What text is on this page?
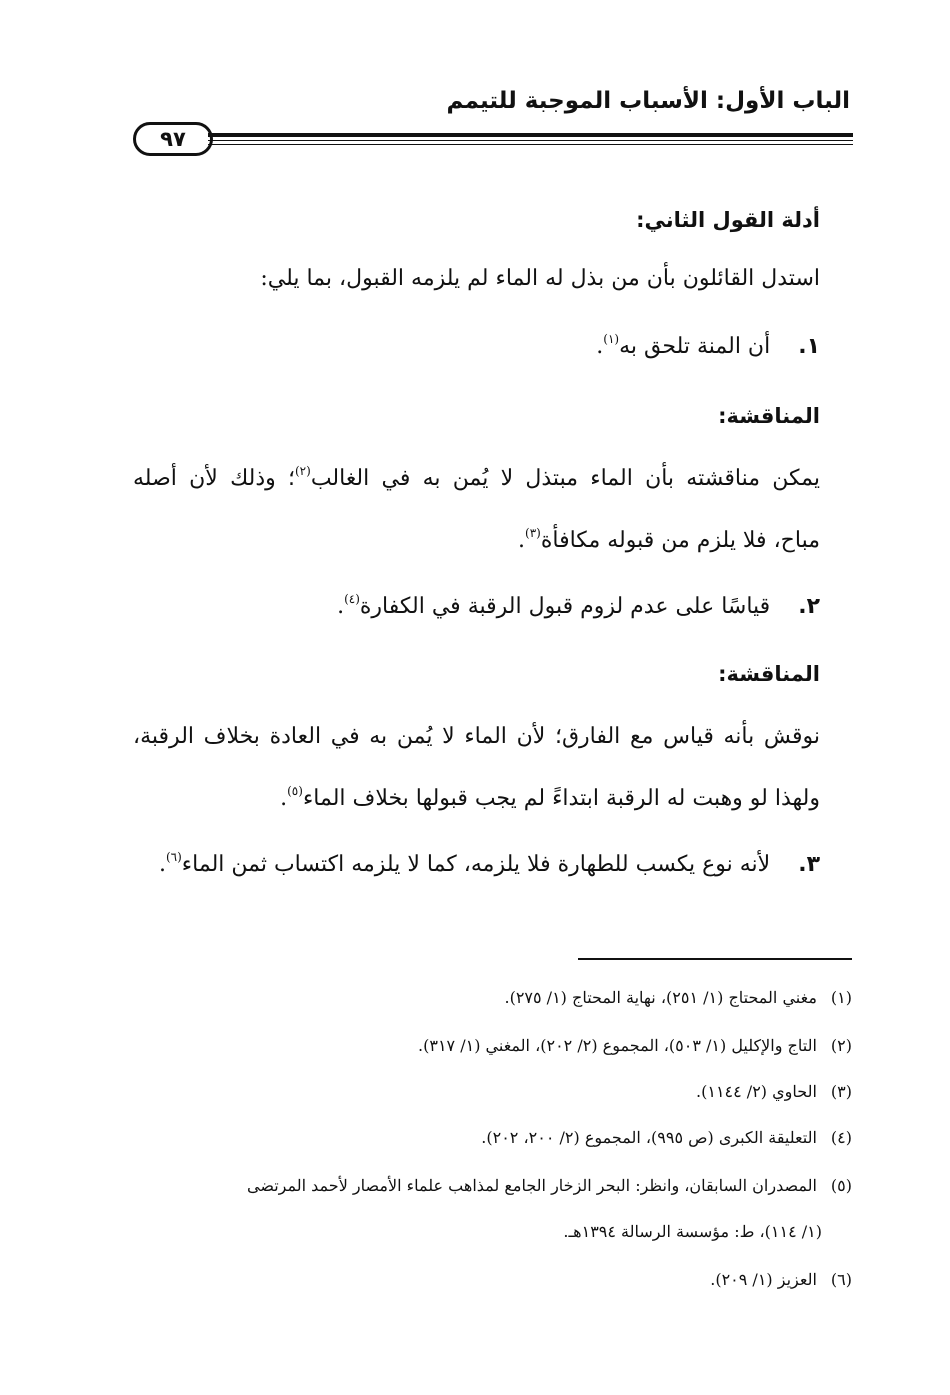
الباب الأول: الأسباب الموجبة للتيمم
٩٧
أدلة القول الثاني:
استدل القائلون بأن من بذل له الماء لم يلزمه القبول، بما يلي:
١.أن المنة تلحق به$^{(١)}$.
المناقشة:
يمكن مناقشته بأن الماء مبتذل لا يُمن به في الغالب$^{(٢)}$؛ وذلك لأن أصله
مباح، فلا يلزم من قبوله مكافأة$^{(٣)}$.
٢.قياسًا على عدم لزوم قبول الرقبة في الكفارة$^{(٤)}$.
المناقشة:
نوقش بأنه قياس مع الفارق؛ لأن الماء لا يُمن به في العادة بخلاف الرقبة،
ولهذا لو وهبت له الرقبة ابتداءً لم يجب قبولها بخلاف الماء$^{(٥)}$.
٣.لأنه نوع يكسب للطهارة فلا يلزمه، كما لا يلزمه اكتساب ثمن الماء$^{(٦)}$.
(١)مغني المحتاج (١/ ٢٥١)، نهاية المحتاج (١/ ٢٧٥).
(٢)التاج والإكليل (١/ ٥٠٣)، المجموع (٢/ ٢٠٢)، المغني (١/ ٣١٧).
(٣)الحاوي (٢/ ١١٤٤).
(٤)التعليقة الكبرى (ص ٩٩٥)، المجموع (٢/ ٢٠٠، ٢٠٢).
(٥)المصدران السابقان، وانظر: البحر الزخار الجامع لمذاهب علماء الأمصار لأحمد المرتضى
(١/ ١١٤)، ط: مؤسسة الرسالة ١٣٩٤هـ.
(٦)العزيز (١/ ٢٠٩).
